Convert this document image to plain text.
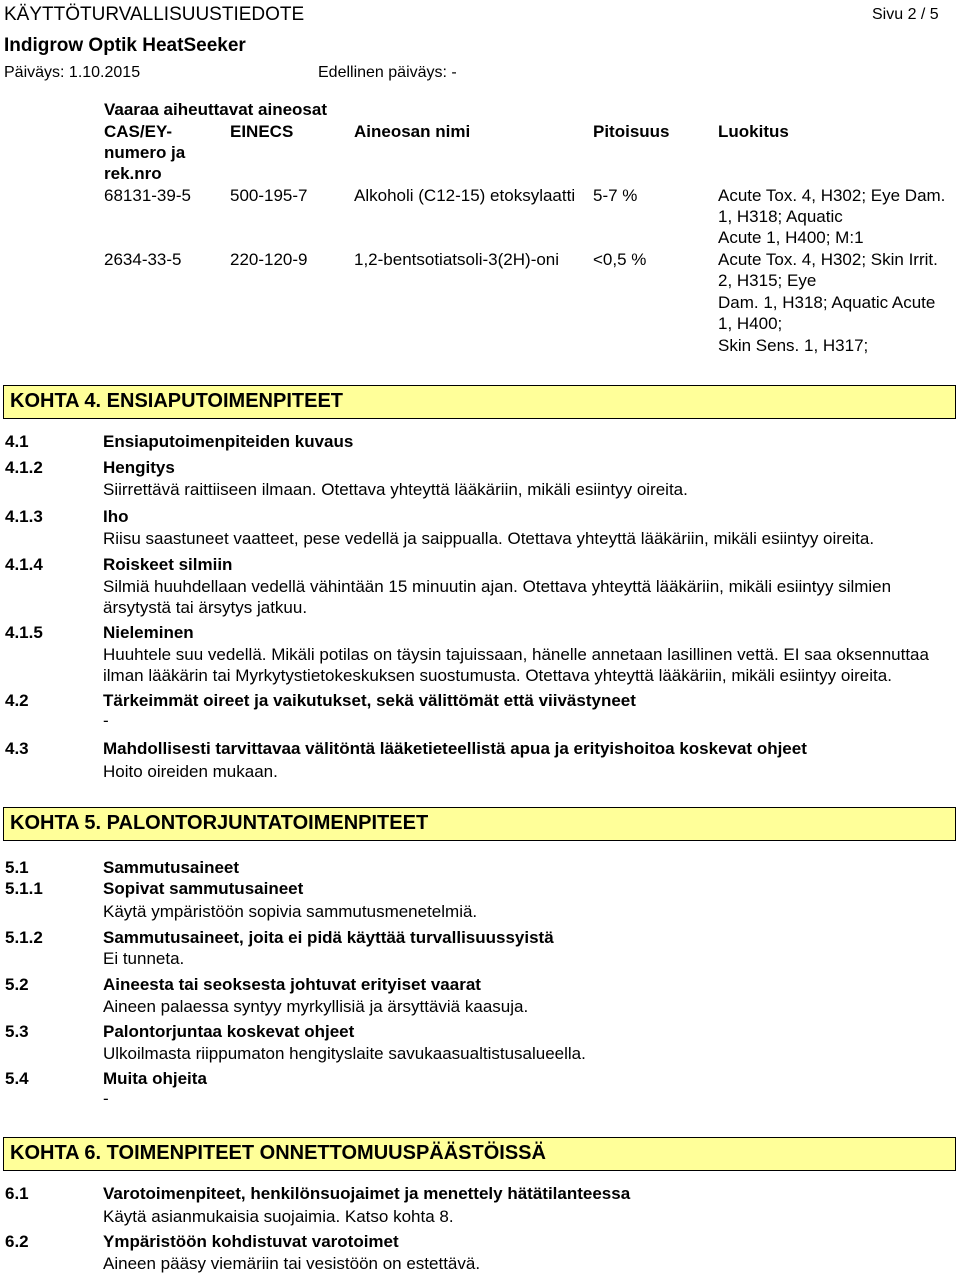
KÄYTTÖTURVALLISUUSTIEDOTE	Sivu 2 / 5
Indigrow Optik HeatSeeker
Päiväys: 1.10.2015	Edellinen päiväys: -
Vaaraa aiheuttavat aineosat
CAS/EY-
numero ja
rek.nro
EINECS	Aineosan nimi	Pitoisuus	Luokitus
68131-39-5 500-195-7	Alkoholi (C12-15) etoksylaatti 5-7 %	Acute Tox. 4, H302; Eye Dam.
1, H318; Aquatic
Acute 1, H400; M:1
2634-33-5	220-120-9	1,2-bentsotiatsoli-3(2H)-oni <0,5 %	Acute Tox. 4, H302; Skin Irrit.
2, H315; Eye
Dam. 1, H318; Aquatic Acute
1, H400;
Skin Sens. 1, H317;
KOHTA 4. ENSIAPUTOIMENPITEET
4.1	Ensiaputoimenpiteiden kuvaus
4.1.2	Hengitys
Siirrettävä raittiiseen ilmaan. Otettava yhteyttä lääkäriin, mikäli esiintyy oireita.
4.1.3	Iho
Riisu saastuneet vaatteet, pese vedellä ja saippualla. Otettava yhteyttä lääkäriin, mikäli esiintyy oireita.
4.1.4	Roiskeet silmiin
Silmiä huuhdellaan vedellä vähintään 15 minuutin ajan. Otettava yhteyttä lääkäriin, mikäli esiintyy silmien
ärsytystä tai ärsytys jatkuu.
4.1.5	Nieleminen
Huuhtele suu vedellä. Mikäli potilas on täysin tajuissaan, hänelle annetaan lasillinen vettä. EI saa oksennuttaa
ilman lääkärin tai Myrkytystietokeskuksen suostumusta. Otettava yhteyttä lääkäriin, mikäli esiintyy oireita.
4.2	Tärkeimmät oireet ja vaikutukset, sekä välittömät että viivästyneet
-
4.3	Mahdollisesti tarvittavaa välitöntä lääketieteellistä apua ja erityishoitoa koskevat ohjeet
Hoito oireiden mukaan.
KOHTA 5. PALONTORJUNTATOIMENPITEET
5.1	Sammutusaineet
5.1.1	Sopivat sammutusaineet
Käytä ympäristöön sopivia sammutusmenetelmiä.
5.1.2	Sammutusaineet, joita ei pidä käyttää turvallisuussyistä
Ei tunneta.
5.2	Aineesta tai seoksesta johtuvat erityiset vaarat
Aineen palaessa syntyy myrkyllisiä ja ärsyttäviä kaasuja.
5.3	Palontorjuntaa koskevat ohjeet
Ulkoilmasta riippumaton hengityslaite savukaasualtistusalueella.
5.4	Muita ohjeita
-
KOHTA 6. TOIMENPITEET ONNETTOMUUSPÄÄSTÖISSÄ
6.1	Varotoimenpiteet, henkilönsuojaimet ja menettely hätätilanteessa
Käytä asianmukaisia suojaimia. Katso kohta 8.
6.2	Ympäristöön kohdistuvat varotoimet
Aineen pääsy viemäriin tai vesistöön on estettävä.
